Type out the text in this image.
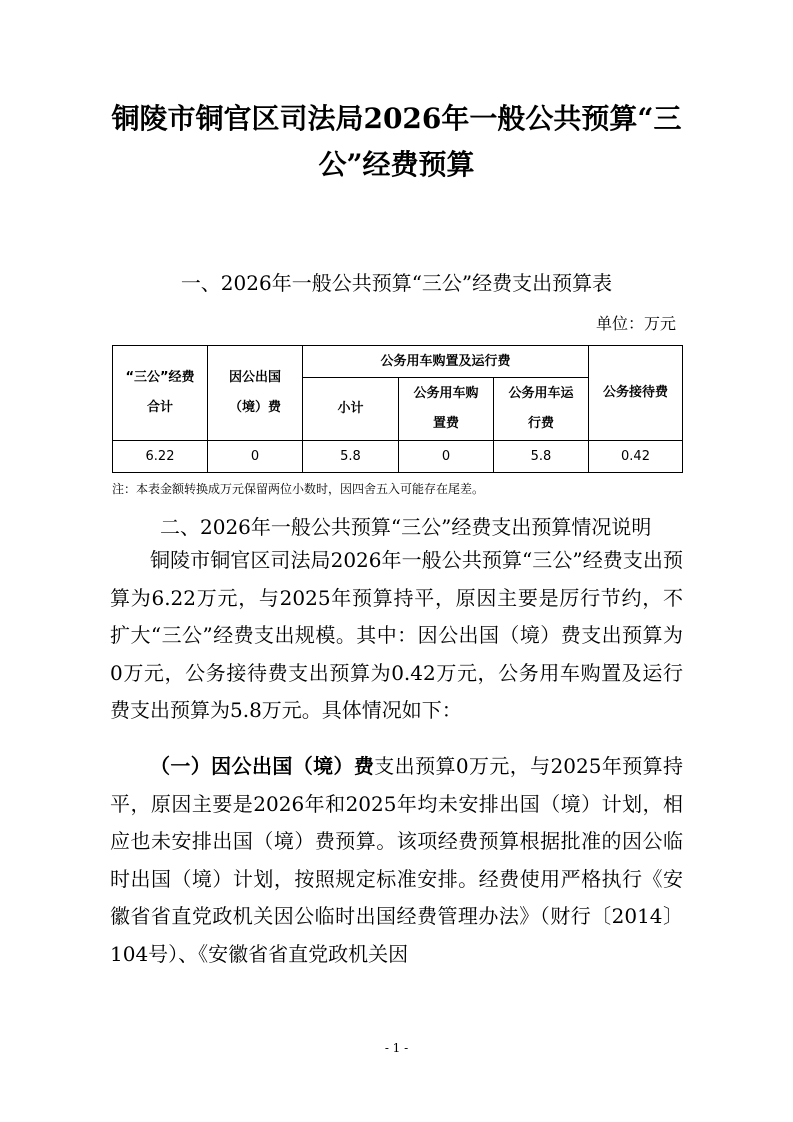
铜陵市铜官区司法局2026年一般公共预算“三公”经费预算
一、2026年一般公共预算“三公”经费支出预算表
单位：万元
“三公”经费合计	因公出国（境）费	公务用车购置及运行费			公务接待费
		小计	公务用车购置费	公务用车运行费	
6.22	0	5.8	0	5.8	0.42
注：本表金额转换成万元保留两位小数时，因四舍五入可能存在尾差。
二、2026年一般公共预算“三公”经费支出预算情况说明

铜陵市铜官区司法局2026年一般公共预算“三公”经费支出预算为6.22万元，与2025年预算持平，原因主要是厉行节约，不扩大“三公”经费支出规模。其中：因公出国（境）费支出预算为0万元，公务接待费支出预算为0.42万元，公务用车购置及运行费支出预算为5.8万元。具体情况如下：

（一）因公出国（境）费支出预算0万元，与2025年预算持平，原因主要是2026年和2025年均未安排出国（境）计划，相应也未安排出国（境）费预算。该项经费预算根据批准的因公临时出国（境）计划，按照规定标准安排。经费使用严格执行《安徽省省直党政机关因公临时出国经费管理办法》（财行〔2014〕104号）、《安徽省省直党政机关因

- 1 -
